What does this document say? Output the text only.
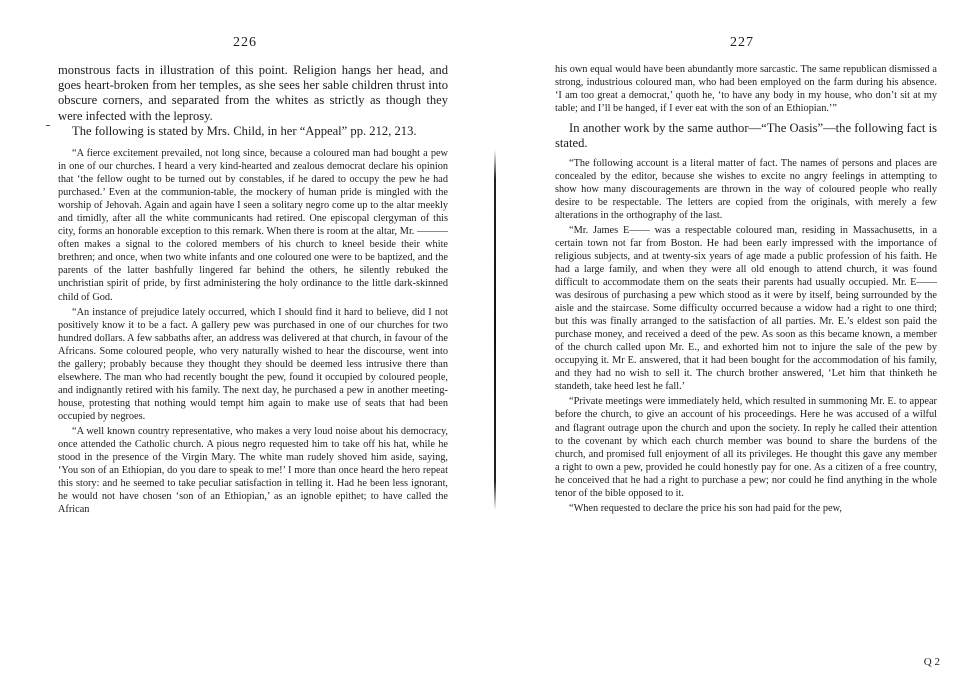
226

monstrous facts in illustration of this point. Religion hangs her head, and goes heart-broken from her temples, as she sees her sable children thrust into obscure corners, and separated from the whites as strictly as though they were infected with the leprosy.

The following is stated by Mrs. Child, in her “Appeal” pp. 212, 213.

“A fierce excitement prevailed, not long since, because a coloured man had bought a pew in one of our churches. I heard a very kind-hearted and zealous democrat declare his opinion that ‘the fellow ought to be turned out by constables, if he dared to occupy the pew he had purchased.’ Even at the communion-table, the mockery of human pride is mingled with the worship of Jehovah. Again and again have I seen a solitary negro come up to the altar meekly and timidly, after all the white communicants had retired. One episcopal clergyman of this city, forms an honorable exception to this remark. When there is room at the altar, Mr. ——— often makes a signal to the colored members of his church to kneel beside their white brethren; and once, when two white infants and one coloured one were to be baptized, and the parents of the latter bashfully lingered far behind the others, he silently rebuked the unchristian spirit of pride, by first administering the holy ordinance to the little dark-skinned child of God.

“An instance of prejudice lately occurred, which I should find it hard to believe, did I not positively know it to be a fact. A gallery pew was purchased in one of our churches for two hundred dollars. A few sabbaths after, an address was delivered at that church, in favour of the Africans. Some coloured people, who very naturally wished to hear the discourse, went into the gallery; probably because they thought they should be deemed less intrusive there than elsewhere. The man who had recently bought the pew, found it occupied by coloured people, and indignantly retired with his family. The next day, he purchased a pew in another meeting-house, protesting that nothing would tempt him again to make use of seats that had been occupied by negroes.

“A well known country representative, who makes a very loud noise about his democracy, once attended the Catholic church. A pious negro requested him to take off his hat, while he stood in the presence of the Virgin Mary. The white man rudely shoved him aside, saying, ‘You son of an Ethiopian, do you dare to speak to me!’ I more than once heard the hero repeat this story: and he seemed to take peculiar satisfaction in telling it. Had he been less ignorant, he would not have chosen ‘son of an Ethiopian,’ as an ignoble epithet; to have called the African

227

his own equal would have been abundantly more sarcastic. The same republican dismissed a strong, industrious coloured man, who had been employed on the farm during his absence. ‘I am too great a democrat,’ quoth he, ‘to have any body in my house, who don’t sit at my table; and I’ll be hanged, if I ever eat with the son of an Ethiopian.’”

In another work by the same author—“The Oasis”—the following fact is stated.

“The following account is a literal matter of fact. The names of persons and places are concealed by the editor, because she wishes to excite no angry feelings in attempting to show how many discouragements are thrown in the way of coloured people who really desire to be respectable. The letters are copied from the originals, with merely a few alterations in the orthography of the last.

“Mr. James E—— was a respectable coloured man, residing in Massachusetts, in a certain town not far from Boston. He had been early impressed with the importance of religious subjects, and at twenty-six years of age made a public profession of his faith. He had a large family, and when they were all old enough to attend church, it was found difficult to accommodate them on the seats their parents had usually occupied. Mr. E—— was desirous of purchasing a pew which stood as it were by itself, being surrounded by the aisle and the staircase. Some difficulty occurred because a widow had a right to one third; but this was finally arranged to the satisfaction of all parties. Mr. E.’s eldest son paid the purchase money, and received a deed of the pew. As soon as this became known, a member of the church called upon Mr. E., and exhorted him not to injure the sale of the pew by occupying it. Mr E. answered, that it had been bought for the accommodation of his family, and they had no wish to sell it. The church brother answered, ‘Let him that thinketh he standeth, take heed lest he fall.’

“Private meetings were immediately held, which resulted in summoning Mr. E. to appear before the church, to give an account of his proceedings. Here he was accused of a wilful and flagrant outrage upon the church and upon the society. In reply he called their attention to the covenant by which each church member was bound to share the burdens of the church, and promised full enjoyment of all its privileges. He thought this gave any member a right to own a pew, provided he could honestly pay for one. As a citizen of a free country, he conceived that he had a right to purchase a pew; nor could he find anything in the whole tenor of the bible opposed to it.

“When requested to declare the price his son had paid for the pew,

Q 2
